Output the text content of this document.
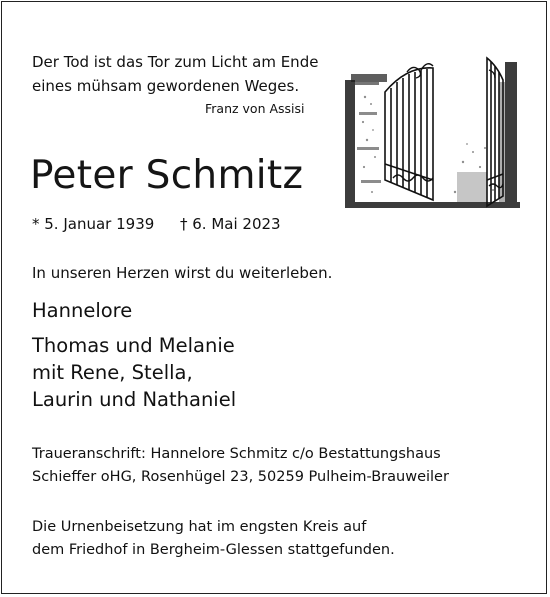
Der Tod ist das Tor zum Licht am Ende
eines mühsam gewordenen Weges.
Franz von Assisi
Peter Schmitz
* 5. Januar 1939 † 6. Mai 2023
In unseren Herzen wirst du weiterleben.
Hannelore
Thomas und Melanie
mit Rene, Stella,
Laurin und Nathaniel
Traueranschrift: Hannelore Schmitz c/o Bestattungshaus
Schieffer oHG, Rosenhügel 23, 50259 Pulheim-Brauweiler
Die Urnenbeisetzung hat im engsten Kreis auf
dem Friedhof in Bergheim-Glessen stattgefunden.
